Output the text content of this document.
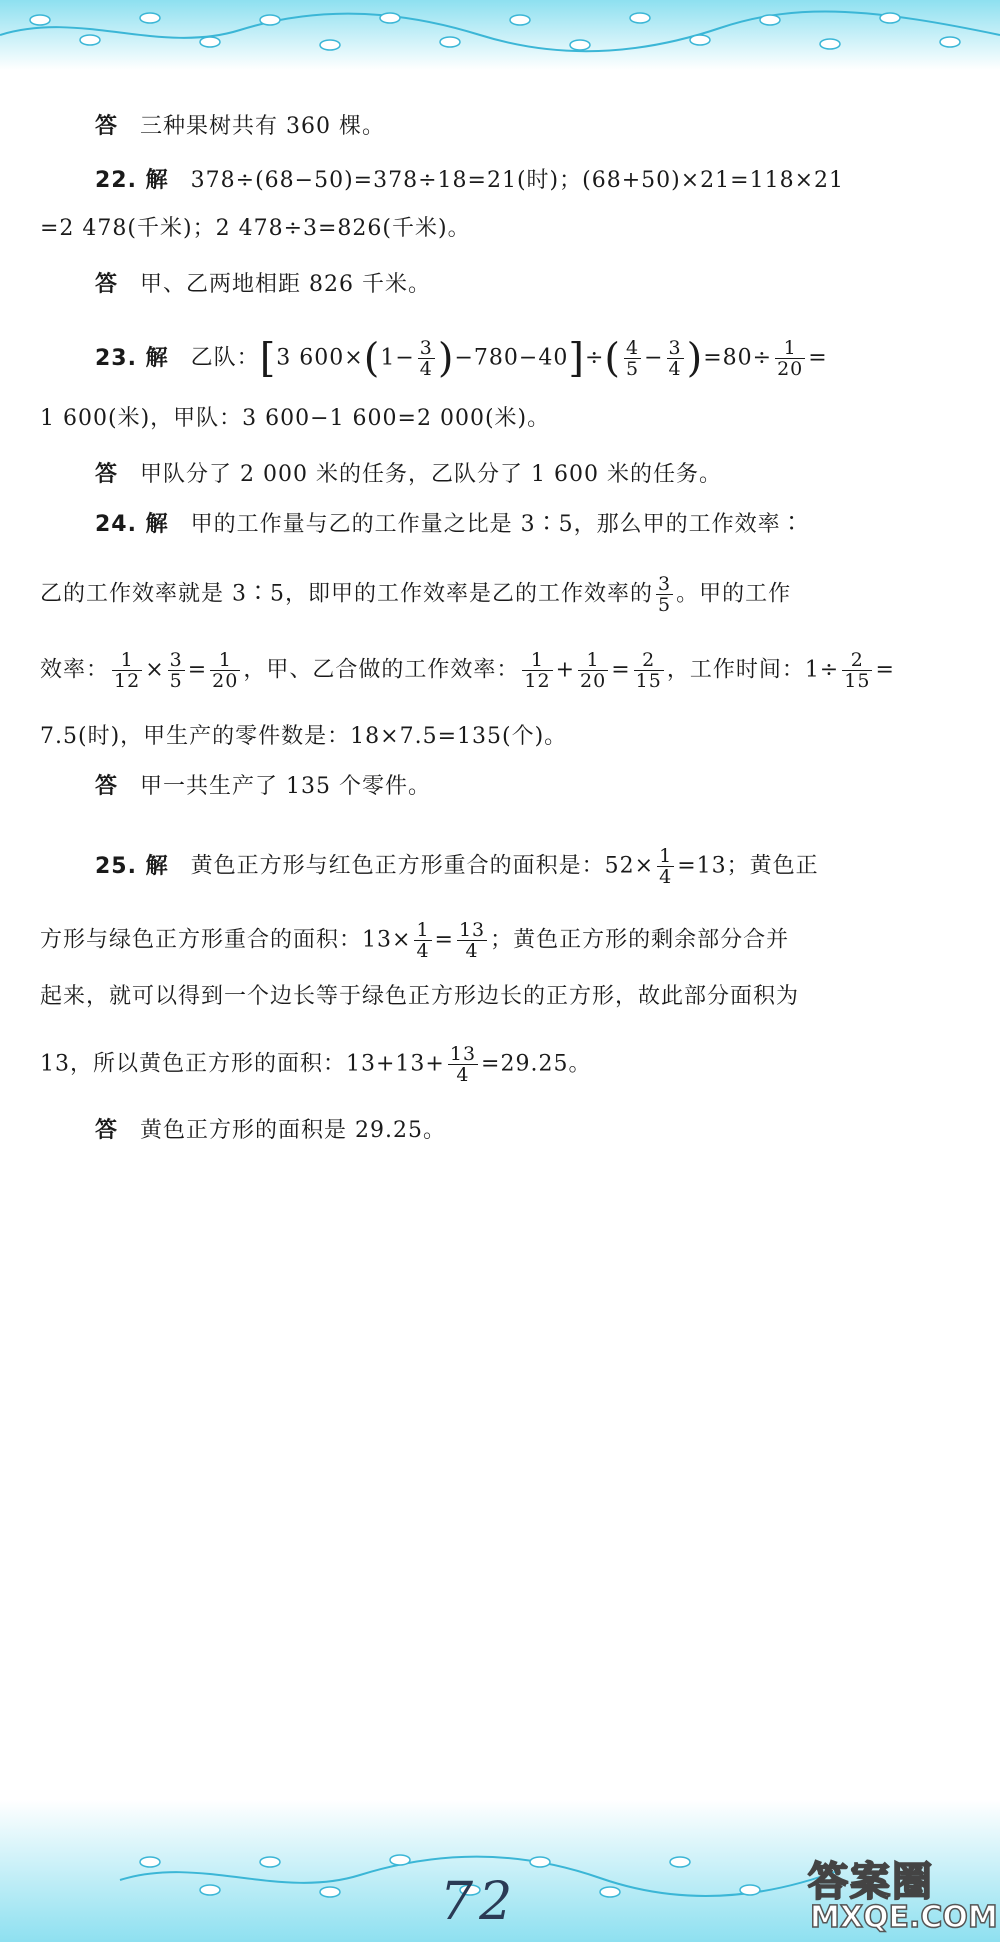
答 三种果树共有 360 棵。
22. 解 378÷(68−50)=378÷18=21(时)；(68+50)×21=118×21
=2 478(千米)；2 478÷3=826(千米)。
答 甲、乙两地相距 826 千米。
23. 解 乙队：[3 $600\times(1- \frac{3}{4} )-780-40]\div( \frac{4}{5} - \frac{3}{4} )=80\div \frac{1}{20}$ =
1 600(米)，甲队：3 600−1 600=2 000(米)。
答 甲队分了 2 000 米的任务，乙队分了 1 600 米的任务。
24. 解 甲的工作量与乙的工作量之比是 3∶5，那么甲的工作效率∶
乙的工作效率就是 3∶5，即甲的工作效率是乙的工作效率的 $\frac{3}{5}$ 。甲的工作
效率： $\frac{1}{12} \times \frac{3}{5} = \frac{1}{20}$ ，甲、乙合做的工作效率： $\frac{1}{12} + \frac{1}{20} = \frac{2}{15}$ ，工作时间：$1\div \frac{2}{15}$ =
7.5(时)，甲生产的零件数是：18×7.5=135(个)。
答 甲一共生产了 135 个零件。
25. 解 黄色正方形与红色正方形重合的面积是：$52\times \frac{1}{4} =13$；黄色正
方形与绿色正方形重合的面积：$13\times \frac{1}{4} = \frac{13}{4}$ ；黄色正方形的剩余部分合并
起来，就可以得到一个边长等于绿色正方形边长的正方形，故此部分面积为
13，所以黄色正方形的面积：$13+13+ \frac{13}{4} =29.25$。
答 黄色正方形的面积是 29.25。
72	答案圈
MXQE.COM
